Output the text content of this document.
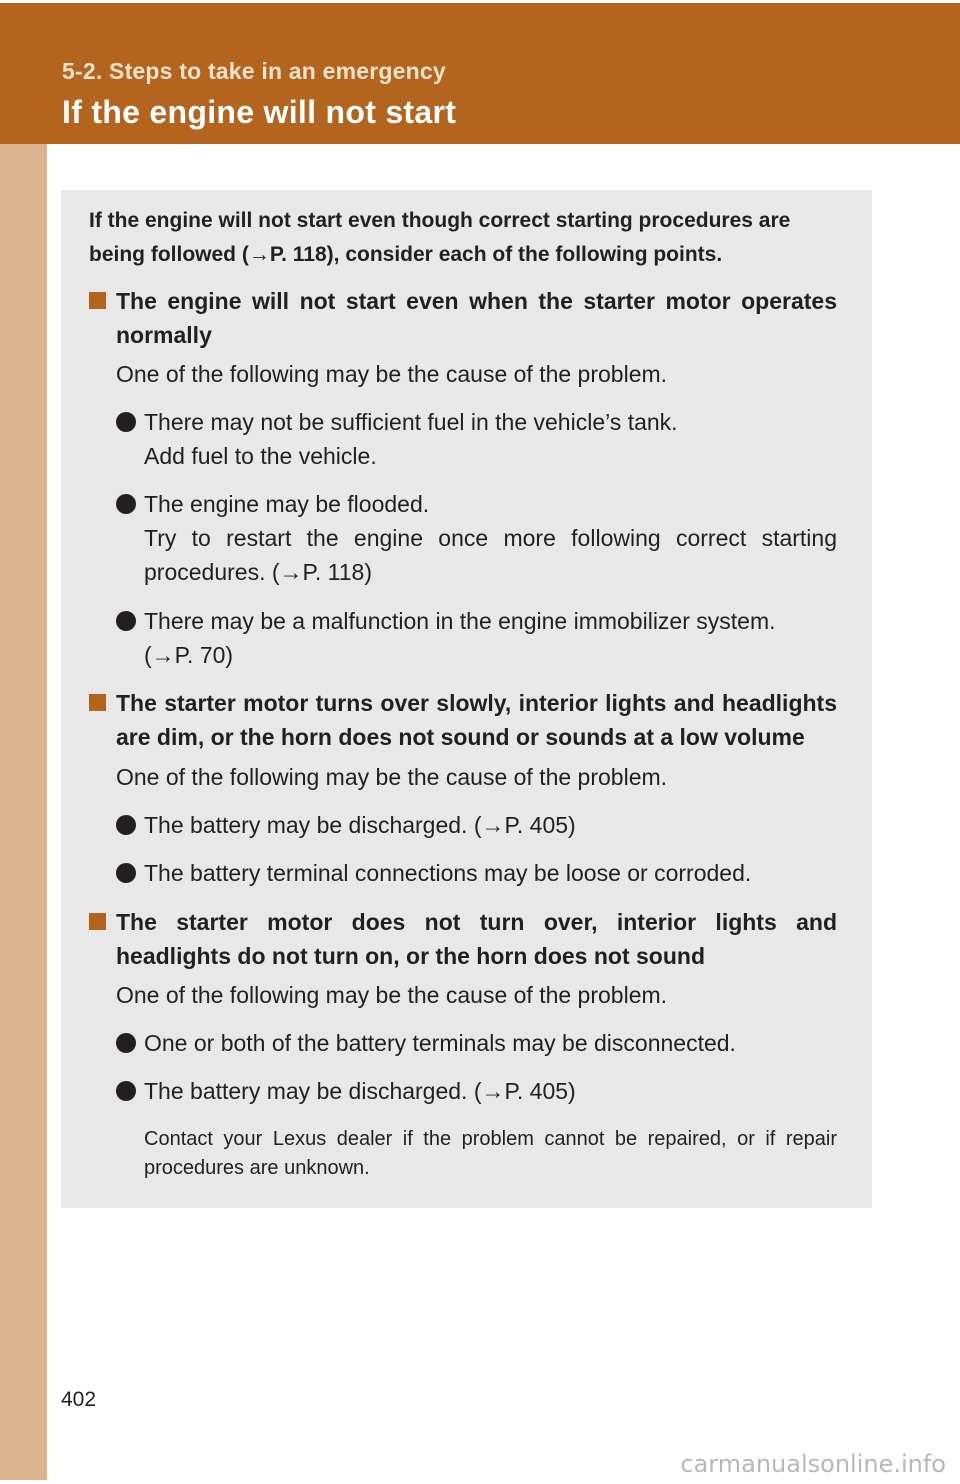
5-2. Steps to take in an emergency
If the engine will not start

If the engine will not start even though correct starting procedures are
being followed (→P. 118), consider each of the following points.

The engine will not start even when the starter motor operates normally

One of the following may be the cause of the problem.

There may not be sufficient fuel in the vehicle’s tank.
Add fuel to the vehicle.
The engine may be flooded.
Try to restart the engine once more following correct starting procedures. (→P. 118)
There may be a malfunction in the engine immobilizer system.
(→P. 70)

The starter motor turns over slowly, interior lights and headlights are dim, or the horn does not sound or sounds at a low volume

One of the following may be the cause of the problem.

The battery may be discharged. (→P. 405)
The battery terminal connections may be loose or corroded.

The starter motor does not turn over, interior lights and headlights do not turn on, or the horn does not sound

One of the following may be the cause of the problem.

One or both of the battery terminals may be disconnected.
The battery may be discharged. (→P. 405)

Contact your Lexus dealer if the problem cannot be repaired, or if repair procedures are unknown.

402
carmanualsonline.info
